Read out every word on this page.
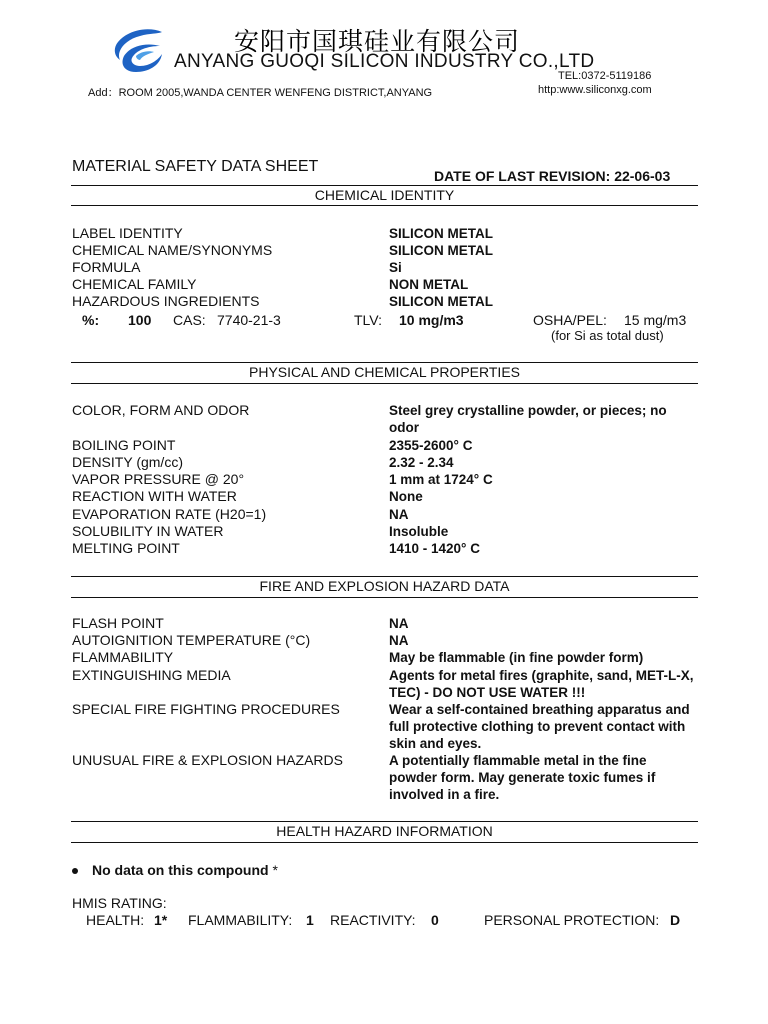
安阳市国琪硅业有限公司
ANYANG GUOQI SILICON INDUSTRY CO.,LTD
TEL:0372-5119186
Add：ROOM 2005,WANDA CENTER WENFENG DISTRICT,ANYANG	http:www.siliconxg.com
MATERIAL SAFETY DATA SHEET
DATE OF LAST REVISION: 22-06-03
CHEMICAL IDENTITY
LABEL IDENTITY	SILICON METAL
CHEMICAL NAME/SYNONYMS	SILICON METAL
FORMULA	Si
CHEMICAL FAMILY	NON METAL
HAZARDOUS INGREDIENTS	SILICON METAL
%: 100 CAS: 7740-21-3	TLV: 10 mg/m3	OSHA/PEL: 15 mg/m3
(for Si as total dust)
PHYSICAL AND CHEMICAL PROPERTIES
COLOR, FORM AND ODOR	Steel grey crystalline powder, or pieces; no odor
BOILING POINT	2355-2600° C
DENSITY (gm/cc)	2.32 - 2.34
VAPOR PRESSURE @ 20°	1 mm at 1724° C
REACTION WITH WATER	None
EVAPORATION RATE (H20=1)	NA
SOLUBILITY IN WATER	Insoluble
MELTING POINT	1410 - 1420° C
FIRE AND EXPLOSION HAZARD DATA
FLASH POINT	NA
AUTOIGNITION TEMPERATURE (°C)	NA
FLAMMABILITY	May be flammable (in fine powder form)
EXTINGUISHING MEDIA	Agents for metal fires (graphite, sand, MET-L-X, TEC) - DO NOT USE WATER !!!
SPECIAL FIRE FIGHTING PROCEDURES	Wear a self-contained breathing apparatus and full protective clothing to prevent contact with skin and eyes.
UNUSUAL FIRE & EXPLOSION HAZARDS	A potentially flammable metal in the fine powder form. May generate toxic fumes if involved in a fire.
HEALTH HAZARD INFORMATION
No data on this compound *
HMIS RATING:
HEALTH: 1* FLAMMABILITY: 1 REACTIVITY: 0	PERSONAL PROTECTION: D
